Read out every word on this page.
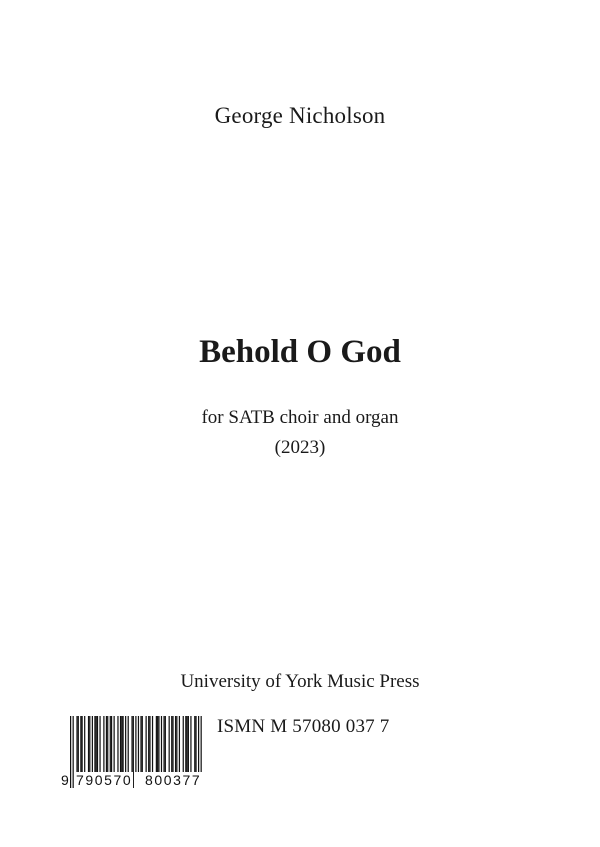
George Nicholson
Behold O God
for SATB choir and organ
(2023)
University of York Music Press
9 790570 800377
ISMN M 57080 037 7
